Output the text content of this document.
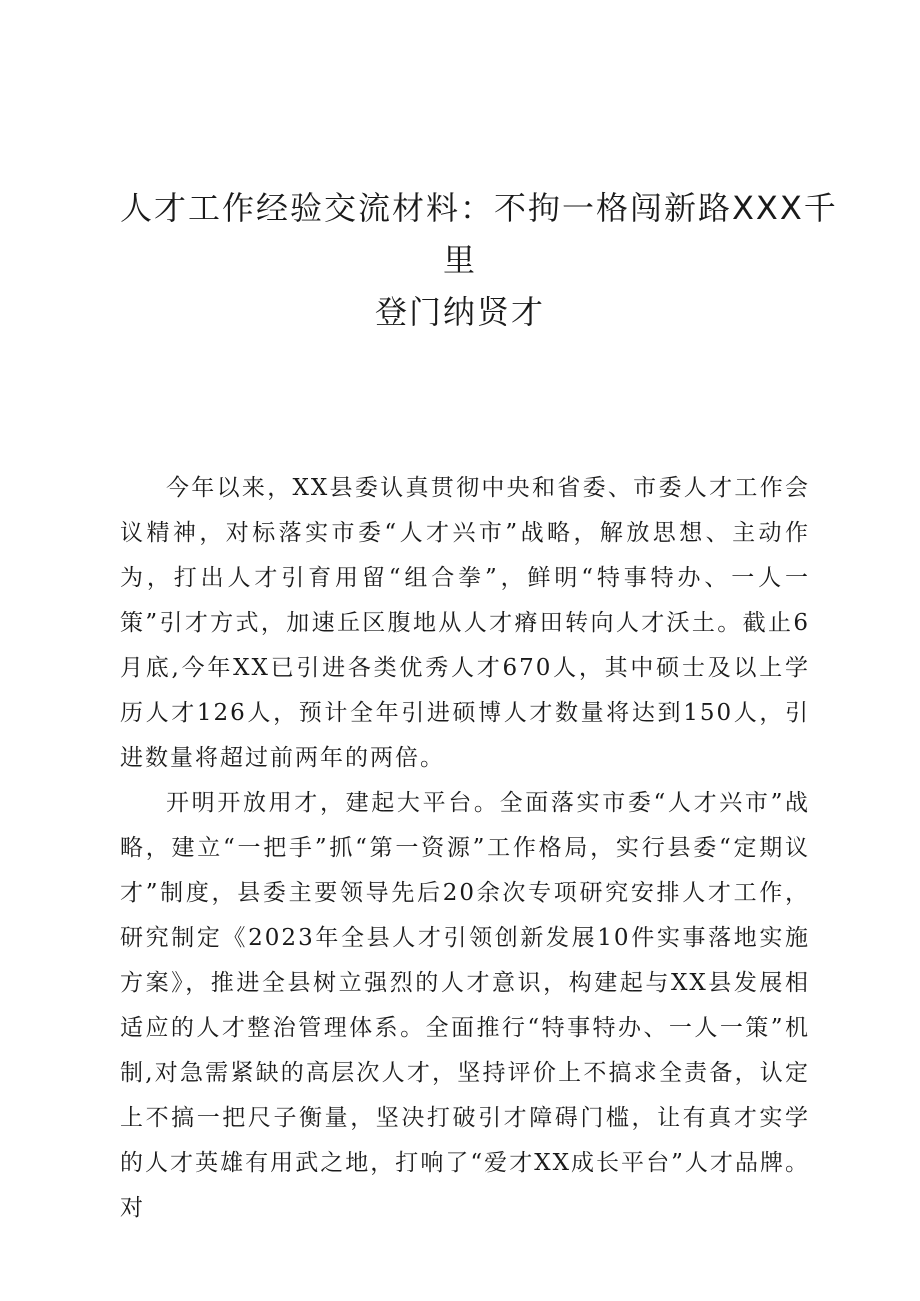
人才工作经验交流材料：不拘一格闯新路XXX千
里
登门纳贤才

今年以来，XX县委认真贯彻中央和省委、市委人才工作会议精神，对标落实市委“人才兴市”战略，解放思想、主动作为，打出人才引育用留“组合拳”，鲜明“特事特办、一人一策”引才方式，加速丘区腹地从人才瘠田转向人才沃土。截止6月底,今年XX已引进各类优秀人才670人，其中硕士及以上学历人才126人，预计全年引进硕博人才数量将达到150人，引进数量将超过前两年的两倍。

开明开放用才，建起大平台。全面落实市委“人才兴市”战略，建立“一把手”抓“第一资源”工作格局，实行县委“定期议才”制度，县委主要领导先后20余次专项研究安排人才工作，研究制定《2023年全县人才引领创新发展10件实事落地实施方案》，推进全县树立强烈的人才意识，构建起与XX县发展相适应的人才整治管理体系。全面推行“特事特办、一人一策”机制,对急需紧缺的高层次人才，坚持评价上不搞求全责备，认定上不搞一把尺子衡量，坚决打破引才障碍门槛，让有真才实学的人才英雄有用武之地，打响了“爱才XX成长平台”人才品牌。对
